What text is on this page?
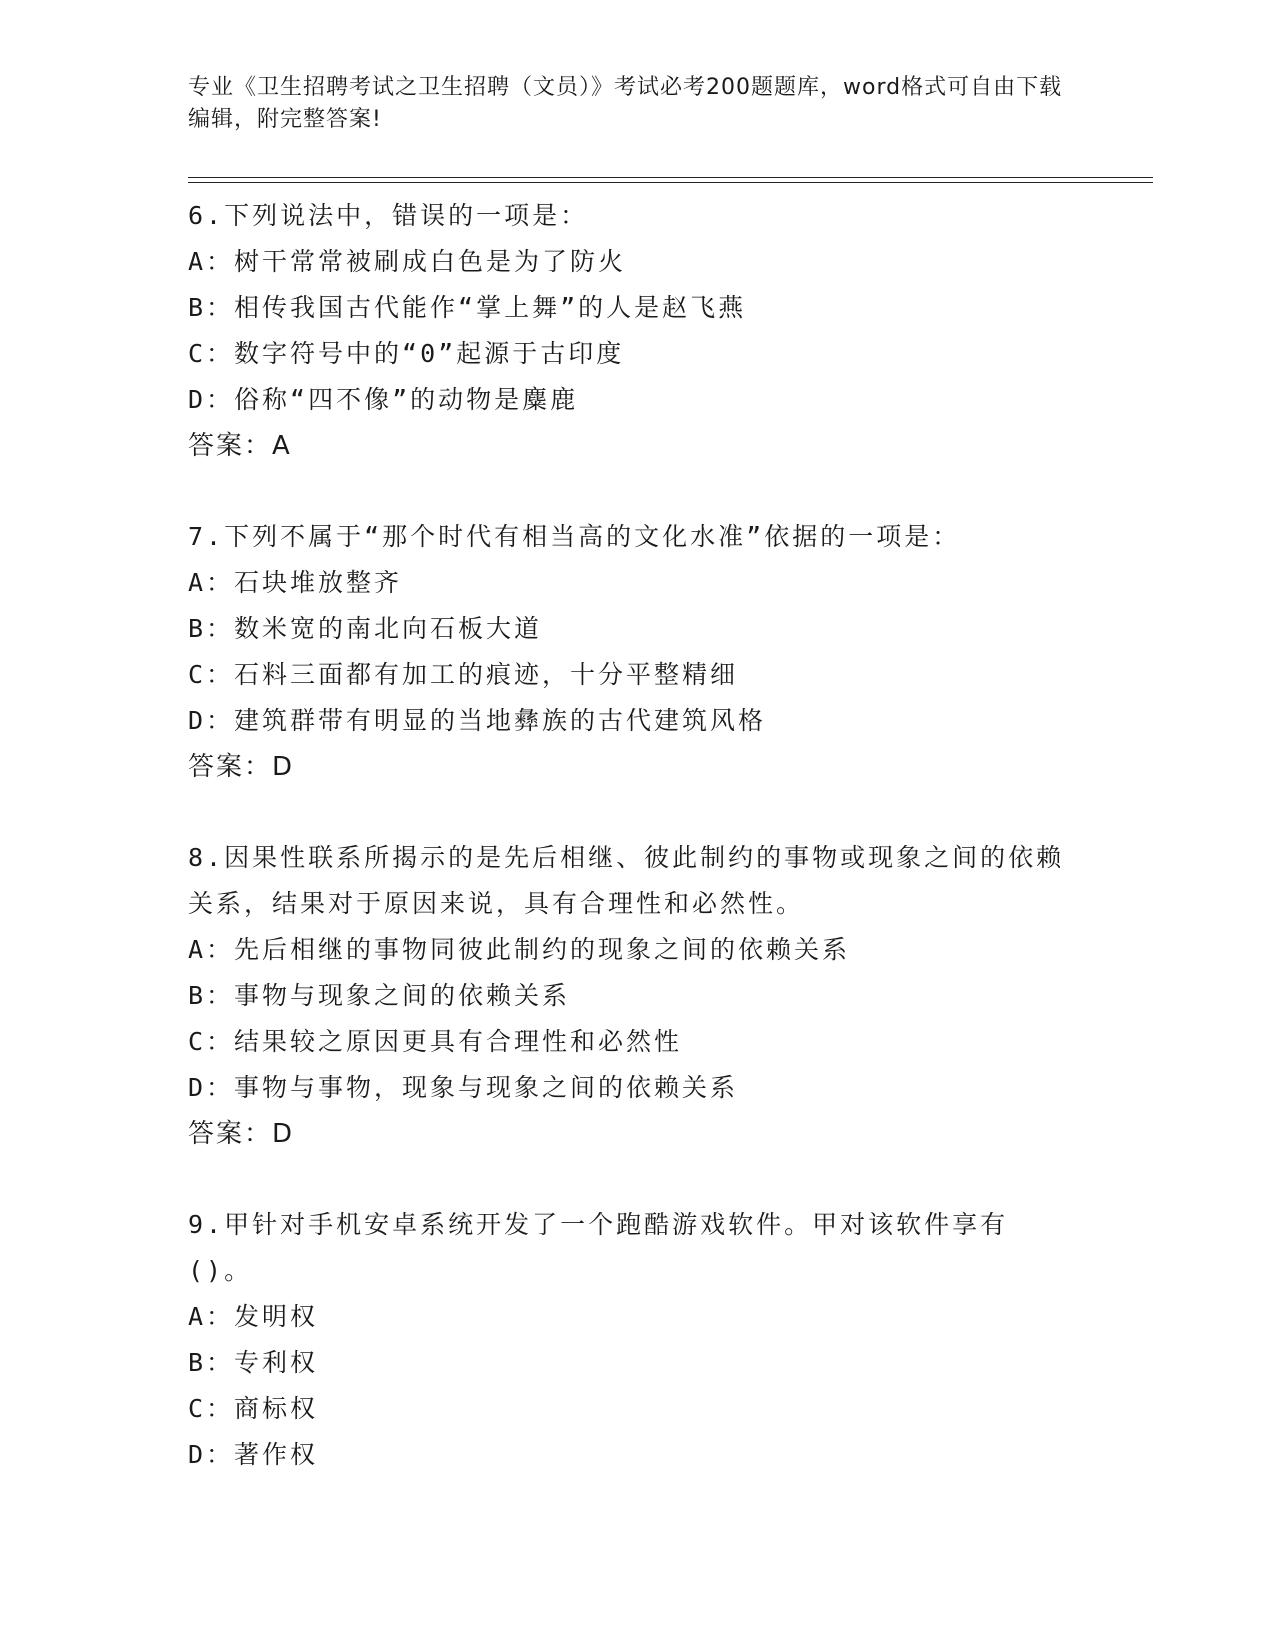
专业《卫生招聘考试之卫生招聘（文员）》考试必考200题题库，word格式可自由下载编辑，附完整答案!
6.下列说法中，错误的一项是：
A：树干常常被刷成白色是为了防火
B：相传我国古代能作“掌上舞”的人是赵飞燕
C：数字符号中的“0”起源于古印度
D：俗称“四不像”的动物是麋鹿
答案：A
7.下列不属于“那个时代有相当高的文化水准”依据的一项是：
A：石块堆放整齐
B：数米宽的南北向石板大道
C：石料三面都有加工的痕迹，十分平整精细
D：建筑群带有明显的当地彝族的古代建筑风格
答案：D
8.因果性联系所揭示的是先后相继、彼此制约的事物或现象之间的依赖关系，结果对于原因来说，具有合理性和必然性。
A：先后相继的事物同彼此制约的现象之间的依赖关系
B：事物与现象之间的依赖关系
C：结果较之原因更具有合理性和必然性
D：事物与事物，现象与现象之间的依赖关系
答案：D
9.甲针对手机安卓系统开发了一个跑酷游戏软件。甲对该软件享有()。
A：发明权
B：专利权
C：商标权
D：著作权
